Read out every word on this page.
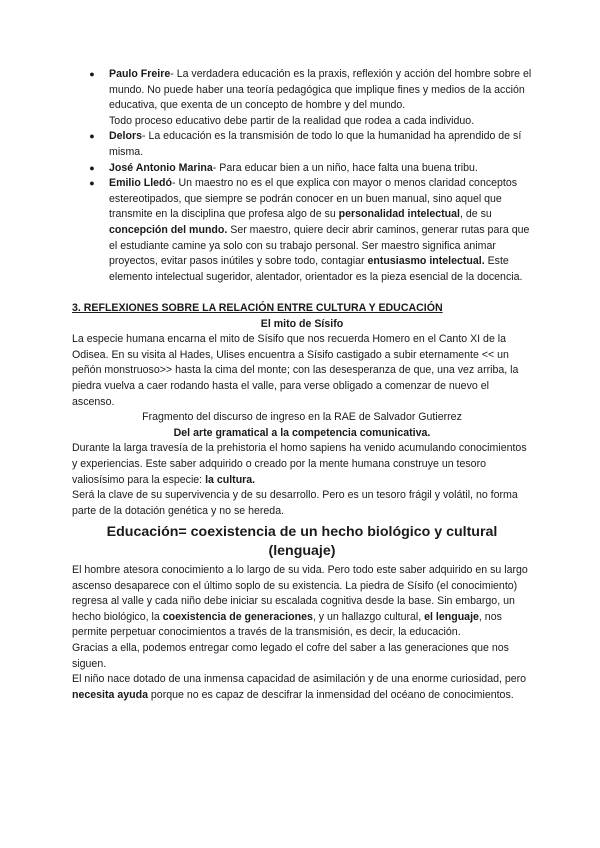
●	Paulo Freire- La verdadera educación es la praxis, reflexión y acción del hombre sobre el mundo. No puede haber una teoría pedagógica que implique fines y medios de la acción educativa, que exenta de un concepto de hombre y del mundo.
Todo proceso educativo debe partir de la realidad que rodea a cada individuo.
●	Delors- La educación es la transmisión de todo lo que la humanidad ha aprendido de sí misma.
●	José Antonio Marina- Para educar bien a un niño, hace falta una buena tribu.
●	Emilio Lledó- Un maestro no es el que explica con mayor o menos claridad conceptos estereotipados, que siempre se podrán conocer en un buen manual, sino aquel que transmite en la disciplina que profesa algo de su personalidad intelectual, de su concepción del mundo. Ser maestro, quiere decir abrir caminos, generar rutas para que el estudiante camine ya solo con su trabajo personal. Ser maestro significa animar proyectos, evitar pasos inútiles y sobre todo, contagiar entusiasmo intelectual. Este elemento intelectual sugeridor, alentador, orientador es la pieza esencial de la docencia.
3. REFLEXIONES SOBRE LA RELACIÓN ENTRE CULTURA Y EDUCACIÓN
El mito de Sísifo

La especie humana encarna el mito de Sísifo que nos recuerda Homero en el Canto XI de la Odisea. En su visita al Hades, Ulises encuentra a Sísifo castigado a subir eternamente << un peñón monstruoso>> hasta la cima del monte; con las desesperanza de que, una vez arriba, la piedra vuelva a caer rodando hasta el valle, para verse obligado a comenzar de nuevo el ascenso.

Fragmento del discurso de ingreso en la RAE de Salvador Gutierrez
Del arte gramatical a la competencia comunicativa.

Durante la larga travesía de la prehistoria el homo sapiens ha venido acumulando conocimientos y experiencias. Este saber adquirido o creado por la mente humana construye un tesoro valiosísimo para la especie: la cultura.

Será la clave de su supervivencia y de su desarrollo. Pero es un tesoro frágil y volátil, no forma parte de la dotación genética y no se hereda.

Educación= coexistencia de un hecho biológico y cultural (lenguaje)

El hombre atesora conocimiento a lo largo de su vida. Pero todo este saber adquirido en su largo ascenso desaparece con el último soplo de su existencia. La piedra de Sísifo (el conocimiento) regresa al valle y cada niño debe iniciar su escalada cognitiva desde la base. Sin embargo, un hecho biológico, la coexistencia de generaciones, y un hallazgo cultural, el lenguaje, nos permite perpetuar conocimientos a través de la transmisión, es decir, la educación.

Gracias a ella, podemos entregar como legado el cofre del saber a las generaciones que nos siguen.

El niño nace dotado de una inmensa capacidad de asimilación y de una enorme curiosidad, pero necesita ayuda porque no es capaz de descifrar la inmensidad del océano de conocimientos.
